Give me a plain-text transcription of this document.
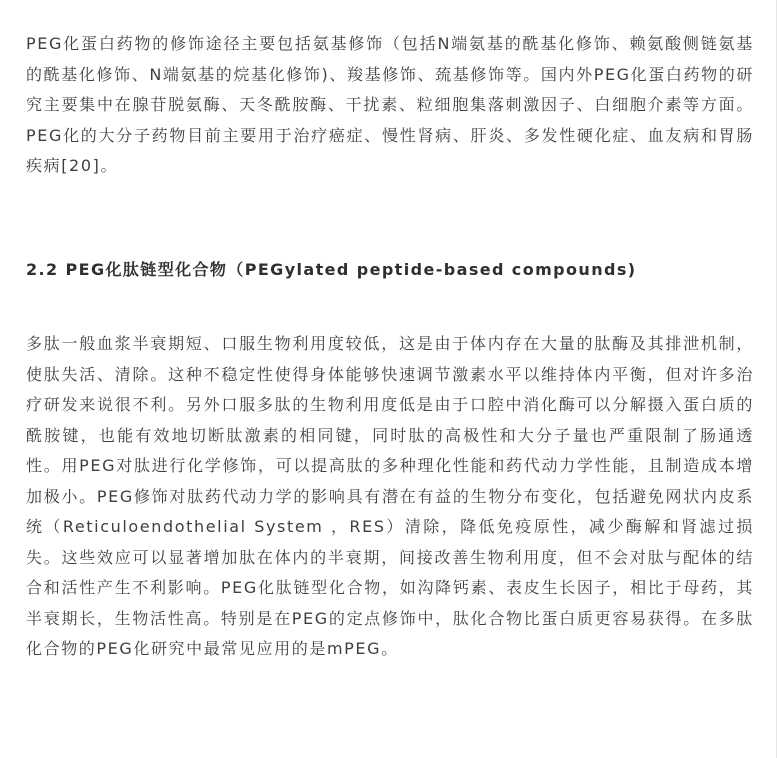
PEG化蛋白药物的修饰途径主要包括氨基修饰（包括N端氨基的酰基化修饰、赖氨酸侧链氨基的酰基化修饰、N端氨基的烷基化修饰)、羧基修饰、巯基修饰等。国内外PEG化蛋白药物的研究主要集中在腺苷脱氨酶、天冬酰胺酶、干扰素、粒细胞集落刺激因子、白细胞介素等方面。PEG化的大分子药物目前主要用于治疗癌症、慢性肾病、肝炎、多发性硬化症、血友病和胃肠疾病[20]。

2.2 PEG化肽链型化合物（PEGylated peptide-based compounds)

多肽一般血浆半衰期短、口服生物利用度较低，这是由于体内存在大量的肽酶及其排泄机制，使肽失活、清除。这种不稳定性使得身体能够快速调节激素水平以维持体内平衡，但对许多治疗研发来说很不利。另外口服多肽的生物利用度低是由于口腔中消化酶可以分解摄入蛋白质的酰胺键，也能有效地切断肽激素的相同键，同时肽的高极性和大分子量也严重限制了肠通透性。用PEG对肽进行化学修饰，可以提高肽的多种理化性能和药代动力学性能，且制造成本增加极小。PEG修饰对肽药代动力学的影响具有潜在有益的生物分布变化，包括避免网状内皮系统（Reticuloendothelial System ，RES）清除，降低免疫原性，减少酶解和肾滤过损失。这些效应可以显著增加肽在体内的半衰期，间接改善生物利用度，但不会对肽与配体的结合和活性产生不利影响。PEG化肽链型化合物，如沟降钙素、表皮生长因子，相比于母药，其半衰期长，生物活性高。特别是在PEG的定点修饰中，肽化合物比蛋白质更容易获得。在多肽化合物的PEG化研究中最常见应用的是mPEG。
